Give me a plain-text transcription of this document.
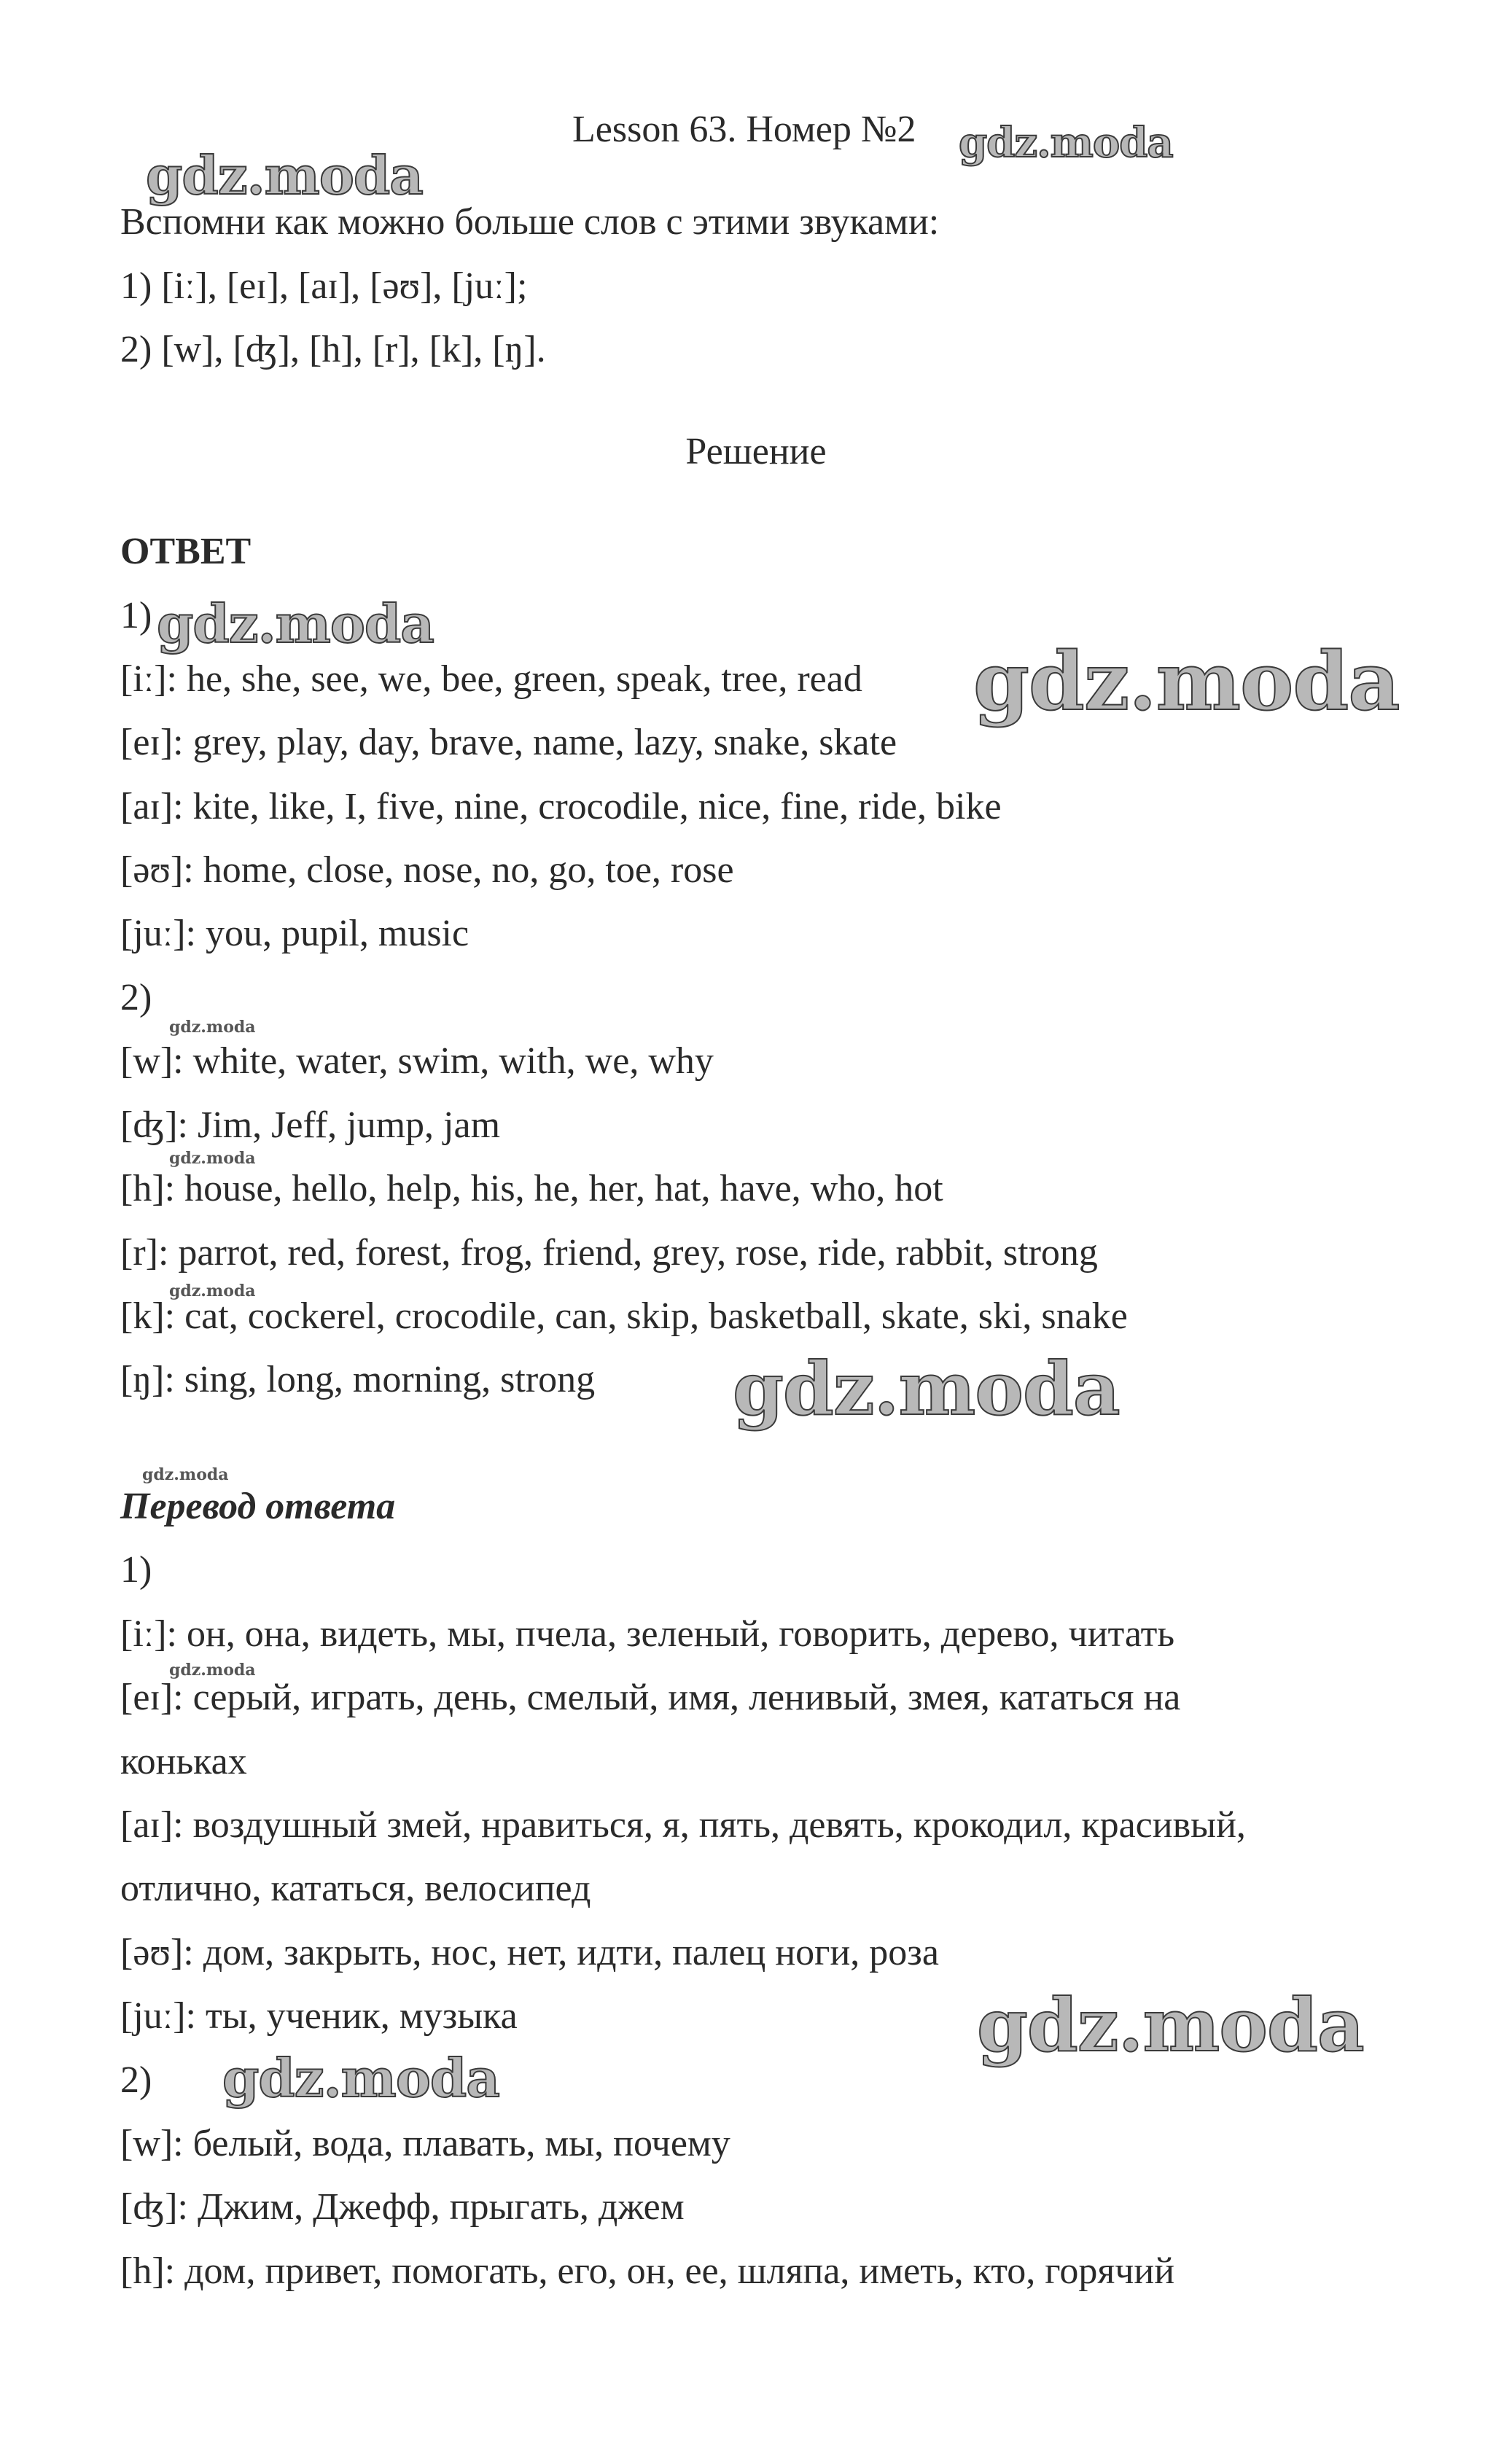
Lesson 63. Номер №2
Вспомни как можно больше слов с этими звуками:
1) [iː], [eɪ], [aɪ], [əʊ], [juː];
2) [w], [ʤ], [h], [r], [k], [ŋ].
Решение
ОТВЕТ
1)
[iː]: he, she, see, we, bee, green, speak, tree, read
[eɪ]: grey, play, day, brave, name, lazy, snake, skate
[aɪ]: kite, like, I, five, nine, crocodile, nice, fine, ride, bike
[əʊ]: home, close, nose, no, go, toe, rose
[juː]: you, pupil, music
2)
[w]: white, water, swim, with, we, why
[ʤ]: Jim, Jeff, jump, jam
[h]: house, hello, help, his, he, her, hat, have, who, hot
[r]: parrot, red, forest, frog, friend, grey, rose, ride, rabbit, strong
[k]: cat, cockerel, crocodile, can, skip, basketball, skate, ski, snake
[ŋ]: sing, long, morning, strong
Перевод ответа
1)
[iː]: он, она, видеть, мы, пчела, зеленый, говорить, дерево, читать
[eɪ]: серый, играть, день, смелый, имя, ленивый, змея, кататься на
коньках
[aɪ]: воздушный змей, нравиться, я, пять, девять, крокодил, красивый,
отлично, кататься, велосипед
[əʊ]: дом, закрыть, нос, нет, идти, палец ноги, роза
[juː]: ты, ученик, музыка
2)
[w]: белый, вода, плавать, мы, почему
[ʤ]: Джим, Джефф, прыгать, джем
[h]: дом, привет, помогать, его, он, ее, шляпа, иметь, кто, горячий
gdz.moda
gdz.moda
gdz.moda
gdz.moda
gdz.moda
gdz.moda
gdz.moda
gdz.moda
gdz.moda
gdz.moda
gdz.moda
gdz.moda
